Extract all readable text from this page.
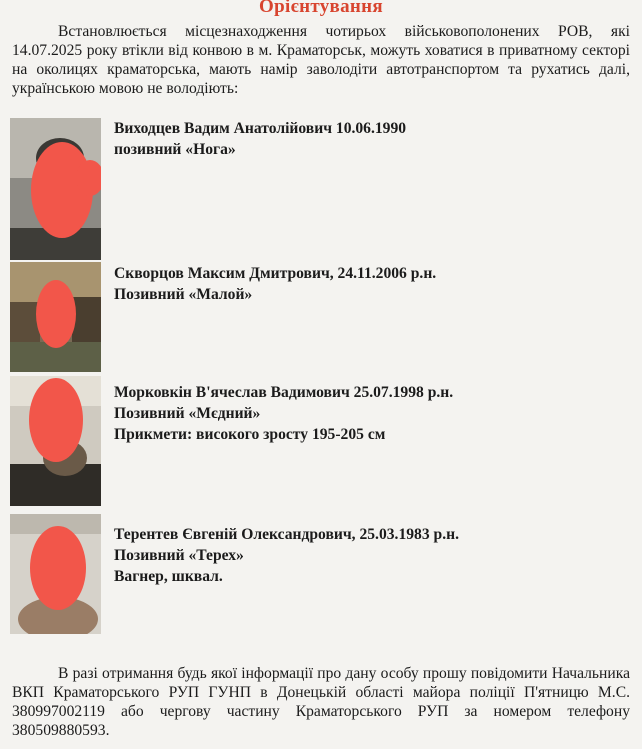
Орієнтування
Встановлюється місцезнаходження чотирьох військовополонених РОВ, які 14.07.2025 року втікли від конвою в м. Краматорськ, можуть ховатися в приватному секторі на околицях краматорська, мають намір заволодіти автотранспортом та рухатись далі, українською мовою не володіють:
Виходцев Вадим Анатолійович 10.06.1990
позивний «Нога»
Скворцов Максим Дмитрович, 24.11.2006 р.н.
Позивний «Малой»
Морковкін В'ячеслав Вадимович 25.07.1998 р.н.
Позивний «Мєдний»
Прикмети: високого зросту 195-205 см
Терентев Євгеній Олександрович, 25.03.1983 р.н.
Позивний «Терех»
Вагнер, шквал.
В разі отримання будь якої інформації про дану особу прошу повідомити Начальника ВКП Краматорського РУП ГУНП в Донецькій області майора поліції П'ятницю М.С. 380997002119 або чергову частину Краматорського РУП за номером телефону 380509880593.
